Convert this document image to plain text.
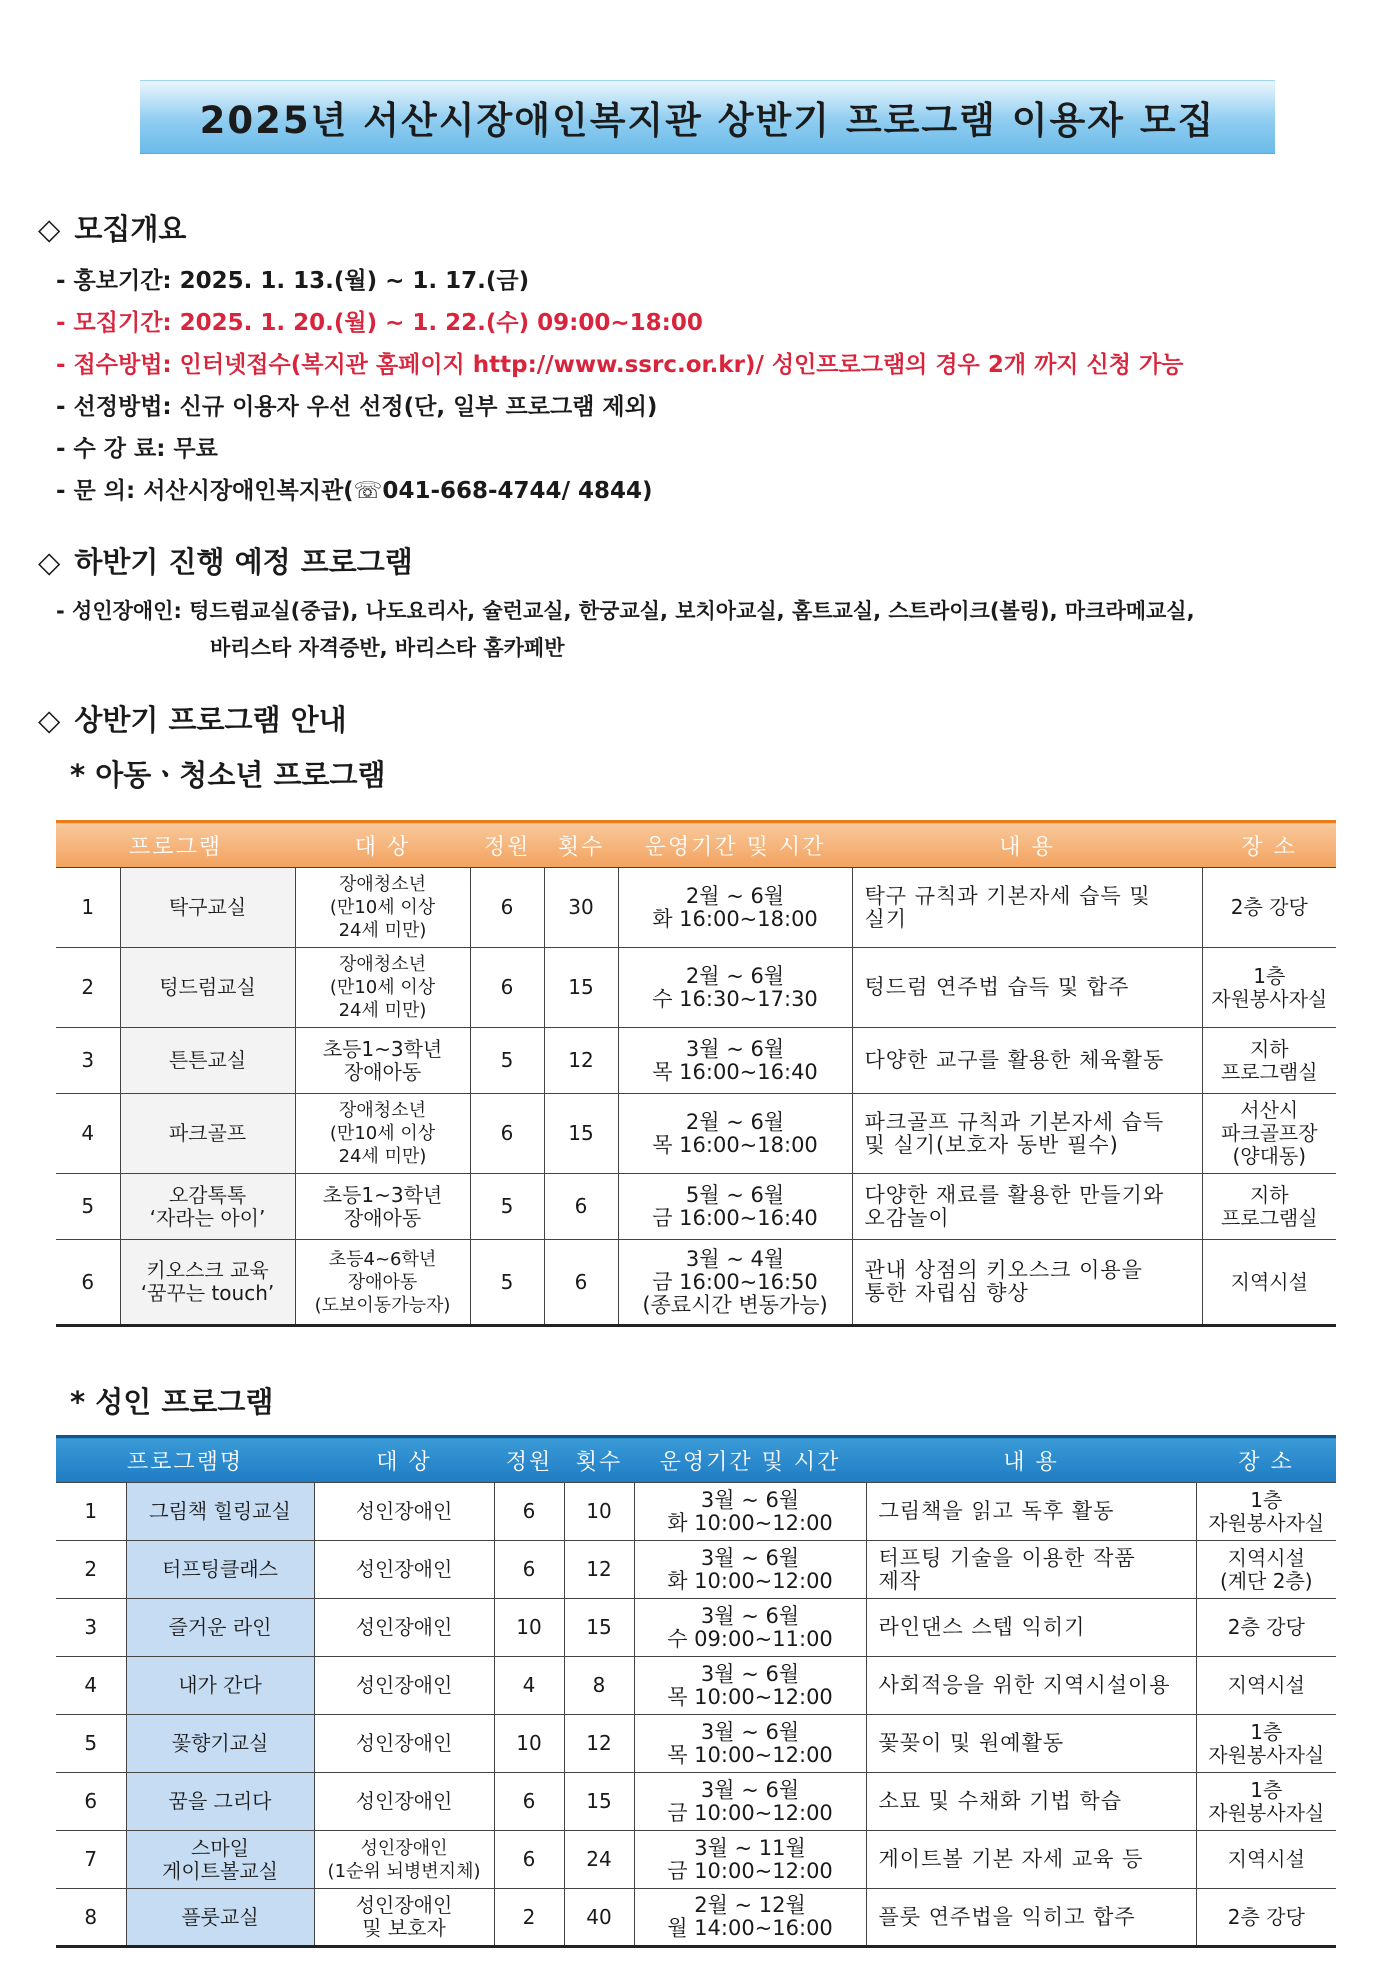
2025년 서산시장애인복지관 상반기 프로그램 이용자 모집
◇ 모집개요
- 홍보기간: 2025. 1. 13.(월) ~ 1. 17.(금)
- 모집기간: 2025. 1. 20.(월) ~ 1. 22.(수) 09:00~18:00
- 접수방법: 인터넷접수(복지관 홈페이지 http://www.ssrc.or.kr)/ 성인프로그램의 경우 2개 까지 신청 가능
- 선정방법: 신규 이용자 우선 선정(단, 일부 프로그램 제외)
- 수 강 료: 무료
- 문 의: 서산시장애인복지관(☏041-668-4744/ 4844)
◇ 하반기 진행 예정 프로그램
- 성인장애인: 텅드럼교실(중급), 나도요리사, 슐런교실, 한궁교실, 보치아교실, 홈트교실, 스트라이크(볼링), 마크라메교실,
바리스타 자격증반, 바리스타 홈카페반
◇ 상반기 프로그램 안내
* 아동ㆍ청소년 프로그램
프로그램		대 상	정원	횟수	운영기간 및 시간	내 용	장 소
1	탁구교실	장애청소년
(만10세 이상
24세 미만)	6	30	2월 ~ 6월
화 16:00~18:00	탁구 규칙과 기본자세 습득 및
실기	2층 강당
2	텅드럼교실	장애청소년
(만10세 이상
24세 미만)	6	15	2월 ~ 6월
수 16:30~17:30	텅드럼 연주법 습득 및 합주	1층
자원봉사자실
3	튼튼교실	초등1~3학년
장애아동	5	12	3월 ~ 6월
목 16:00~16:40	다양한 교구를 활용한 체육활동	지하
프로그램실
4	파크골프	장애청소년
(만10세 이상
24세 미만)	6	15	2월 ~ 6월
목 16:00~18:00	파크골프 규칙과 기본자세 습득
및 실기(보호자 동반 필수)	서산시
파크골프장
(양대동)
5	오감톡톡
‘자라는 아이’	초등1~3학년
장애아동	5	6	5월 ~ 6월
금 16:00~16:40	다양한 재료를 활용한 만들기와
오감놀이	지하
프로그램실
6	키오스크 교육
‘꿈꾸는 touch’	초등4~6학년
장애아동
(도보이동가능자)	5	6	3월 ~ 4월
금 16:00~16:50
(종료시간 변동가능)	관내 상점의 키오스크 이용을
통한 자립심 향상	지역시설
* 성인 프로그램
프로그램명		대 상	정원	횟수	운영기간 및 시간	내 용	장 소
1	그림책 힐링교실	성인장애인	6	10	3월 ~ 6월
화 10:00~12:00	그림책을 읽고 독후 활동	1층
자원봉사자실
2	터프팅클래스	성인장애인	6	12	3월 ~ 6월
화 10:00~12:00	터프팅 기술을 이용한 작품
제작	지역시설
(계단 2층)
3	즐거운 라인	성인장애인	10	15	3월 ~ 6월
수 09:00~11:00	라인댄스 스텝 익히기	2층 강당
4	내가 간다	성인장애인	4	8	3월 ~ 6월
목 10:00~12:00	사회적응을 위한 지역시설이용	지역시설
5	꽃향기교실	성인장애인	10	12	3월 ~ 6월
목 10:00~12:00	꽃꽂이 및 원예활동	1층
자원봉사자실
6	꿈을 그리다	성인장애인	6	15	3월 ~ 6월
금 10:00~12:00	소묘 및 수채화 기법 학습	1층
자원봉사자실
7	스마일
게이트볼교실	성인장애인
(1순위 뇌병변지체)	6	24	3월 ~ 11월
금 10:00~12:00	게이트볼 기본 자세 교육 등	지역시설
8	플룻교실	성인장애인
및 보호자	2	40	2월 ~ 12월
월 14:00~16:00	플룻 연주법을 익히고 합주	2층 강당
